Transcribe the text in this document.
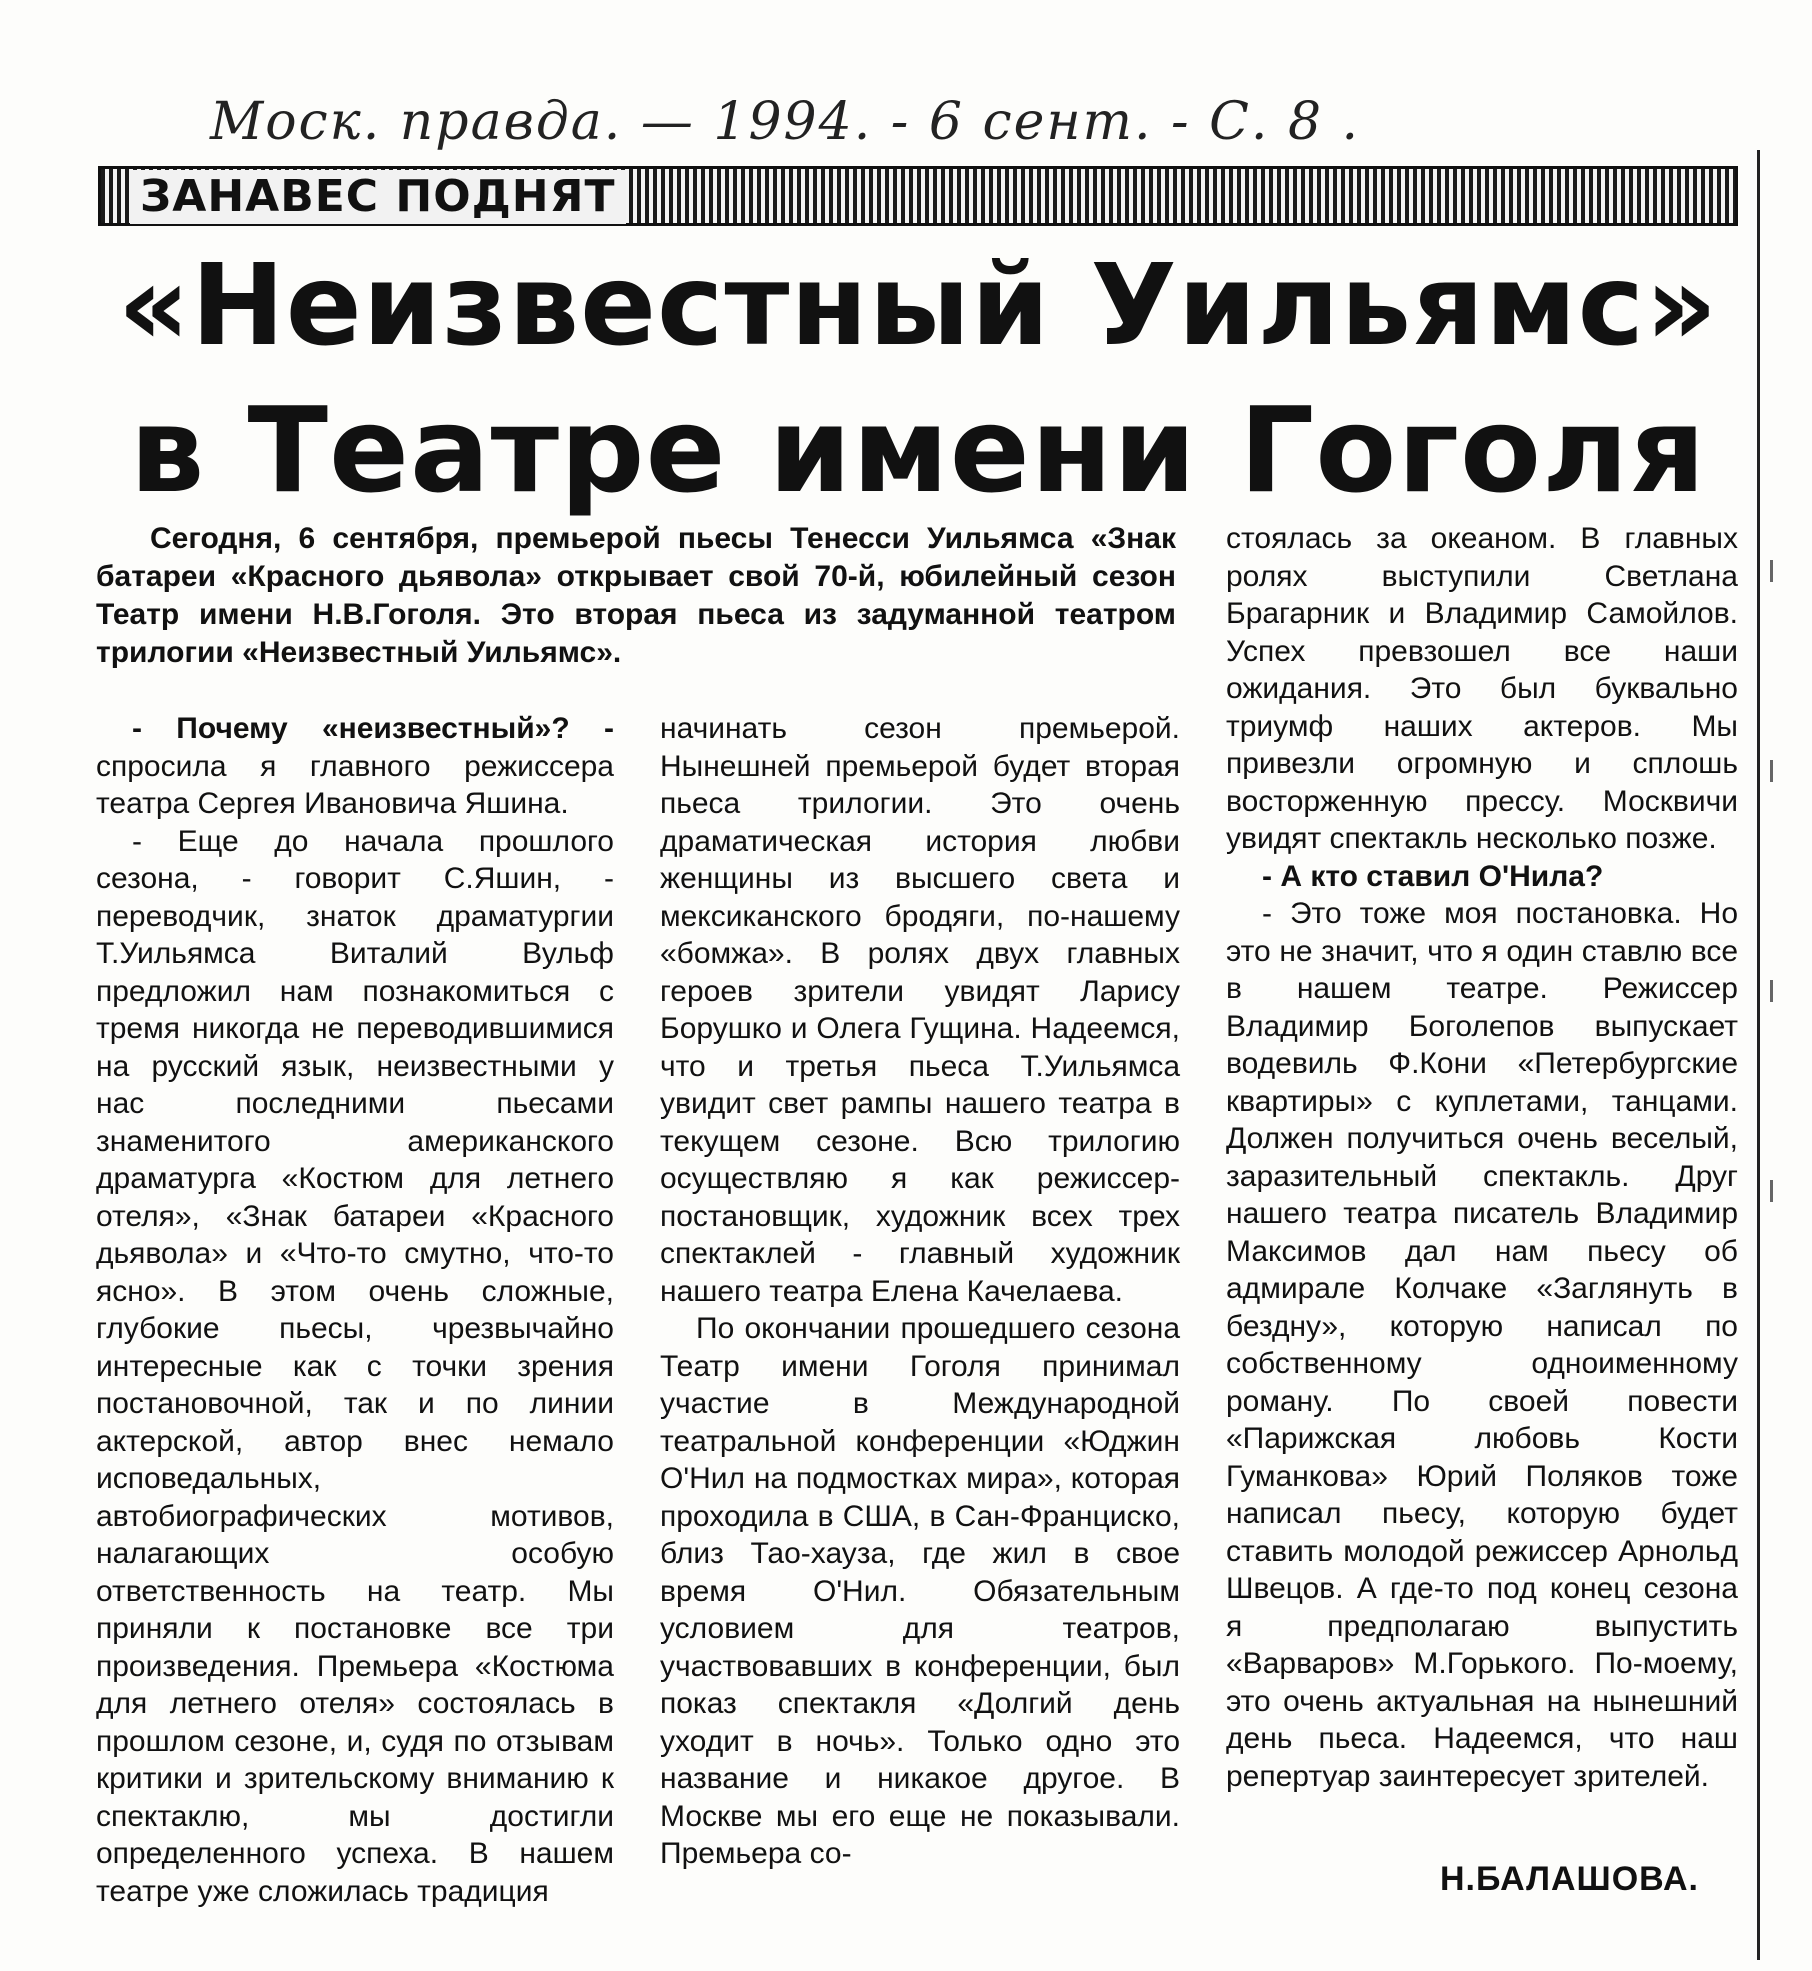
Моск. правда. — 1994. - 6 сент. - С. 8 .
ЗАНАВЕС ПОДНЯТ
«Неизвестный Уильямс»
в Театре имени Гоголя

Сегодня, 6 сентября, премьерой пьесы Тенесси Уильямса «Знак батареи «Красного дьявола» открывает свой 70-й, юбилейный сезон Театр имени Н.В.Гоголя. Это вторая пьеса из задуманной театром трилогии «Неизвестный Уильямс».

- Почему «неизвестный»? - спросила я главного режиссера театра Сергея Ивановича Яшина.

- Еще до начала прошлого сезона, - говорит С.Яшин, - переводчик, знаток драматургии Т.Уильямса Виталий Вульф предложил нам познакомиться с тремя никогда не переводившимися на русский язык, неизвестными у нас последними пьесами знаменитого американского драматурга «Костюм для летнего отеля», «Знак батареи «Красного дьявола» и «Что-то смутно, что-то ясно». В этом очень сложные, глубокие пьесы, чрезвычайно интересные как с точки зрения постановочной, так и по линии актерской, автор внес немало исповедальных, автобиографических мотивов, налагающих особую ответственность на театр. Мы приняли к постановке все три произведения. Премьера «Костюма для летнего отеля» состоялась в прошлом сезоне, и, судя по отзывам критики и зрительскому вниманию к спектаклю, мы достигли определенного успеха. В нашем театре уже сложилась традиция

начинать сезон премьерой. Нынешней премьерой будет вторая пьеса трилогии. Это очень драматическая история любви женщины из высшего света и мексиканского бродяги, по-нашему «бомжа». В ролях двух главных героев зрители увидят Ларису Борушко и Олега Гущина. Надеемся, что и третья пьеса Т.Уильямса увидит свет рампы нашего театра в текущем сезоне. Всю трилогию осуществляю я как режиссер-постановщик, художник всех трех спектаклей - главный художник нашего театра Елена Качелаева.

По окончании прошедшего сезона Театр имени Гоголя принимал участие в Международной театральной конференции «Юджин О'Нил на подмостках мира», которая проходила в США, в Сан-Франциско, близ Тао-хауза, где жил в свое время О'Нил. Обязательным условием для театров, участвовавших в конференции, был показ спектакля «Долгий день уходит в ночь». Только одно это название и никакое другое. В Москве мы его еще не показывали. Премьера со-

стоялась за океаном. В главных ролях выступили Светлана Брагарник и Владимир Самойлов. Успех превзошел все наши ожидания. Это был буквально триумф наших актеров. Мы привезли огромную и сплошь восторженную прессу. Москвичи увидят спектакль несколько позже.

- А кто ставил О'Нила?

- Это тоже моя постановка. Но это не значит, что я один ставлю все в нашем театре. Режиссер Владимир Боголепов выпускает водевиль Ф.Кони «Петербургские квартиры» с куплетами, танцами. Должен получиться очень веселый, заразительный спектакль. Друг нашего театра писатель Владимир Максимов дал нам пьесу об адмирале Колчаке «Заглянуть в бездну», которую написал по собственному одноименному роману. По своей повести «Парижская любовь Кости Гуманкова» Юрий Поляков тоже написал пьесу, которую будет ставить молодой режиссер Арнольд Швецов. А где-то под конец сезона я предполагаю выпустить «Варваров» М.Горького. По-моему, это очень актуальная на нынешний день пьеса. Надеемся, что наш репертуар заинтересует зрителей.

Н.БАЛАШОВА.
